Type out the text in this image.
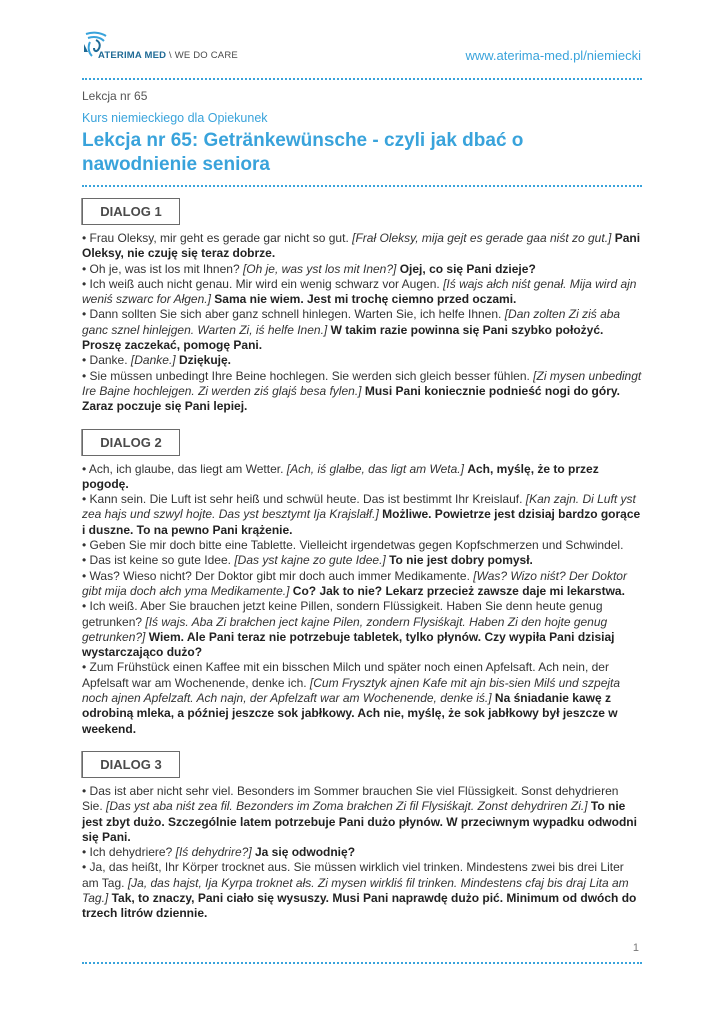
ATERIMA MED \ WE DO CARE	www.aterima-med.pl/niemiecki

Lekcja nr 65

Kurs niemieckiego dla Opiekunek

Lekcja nr 65: Getränkewünsche - czyli jak dbać o nawodnienie seniora
DIALOG 1

• Frau Oleksy, mir geht es gerade gar nicht so gut. [Frał Oleksy, mija gejt es gerade gaa niśt zo gut.] Pani Oleksy, nie czuję się teraz dobrze.

• Oh je, was ist los mit Ihnen? [Oh je, was yst los mit Inen?] Ojej, co się Pani dzieje?

• Ich weiß auch nicht genau. Mir wird ein wenig schwarz vor Augen. [Iś wajs ałch niśt genał. Mija wird ajn weniś szwarc for Ałgen.] Sama nie wiem. Jest mi trochę ciemno przed oczami.

• Dann sollten Sie sich aber ganz schnell hinlegen. Warten Sie, ich helfe Ihnen. [Dan zolten Zi ziś aba ganc sznel hinlejgen. Warten Zi, iś helfe Inen.] W takim razie powinna się Pani szybko położyć. Proszę zaczekać, pomogę Pani.

• Danke. [Danke.] Dziękuję.

• Sie müssen unbedingt Ihre Beine hochlegen. Sie werden sich gleich besser fühlen. [Zi mysen unbedingt Ire Bajne hochlejgen. Zi werden ziś glajś besa fylen.] Musi Pani koniecznie podnieść nogi do góry. Zaraz poczuje się Pani lepiej.

DIALOG 2

• Ach, ich glaube, das liegt am Wetter. [Ach, iś glałbe, das ligt am Weta.] Ach, myślę, że to przez pogodę.

• Kann sein. Die Luft ist sehr heiß und schwül heute. Das ist bestimmt Ihr Kreislauf. [Kan zajn. Di Luft yst zea hajs und szwyl hojte. Das yst besztymt Ija Krajslałf.] Możliwe. Powietrze jest dzisiaj bardzo gorące i duszne. To na pewno Pani krążenie.

• Geben Sie mir doch bitte eine Tablette. Vielleicht irgendetwas gegen Kopfschmerzen und Schwindel.

• Das ist keine so gute Idee. [Das yst kajne zo gute Idee.] To nie jest dobry pomysł.

• Was? Wieso nicht? Der Doktor gibt mir doch auch immer Medikamente. [Was? Wizo niśt? Der Doktor gibt mija doch ałch yma Medikamente.] Co? Jak to nie? Lekarz przecież zawsze daje mi lekarstwa.

• Ich weiß. Aber Sie brauchen jetzt keine Pillen, sondern Flüssigkeit. Haben Sie denn heute genug getrunken? [Iś wajs. Aba Zi brałchen ject kajne Pilen, zondern Flysiśkajt. Haben Zi den hojte genug getrunken?] Wiem. Ale Pani teraz nie potrzebuje tabletek, tylko płynów. Czy wypiła Pani dzisiaj wystarczająco dużo?

• Zum Frühstück einen Kaffee mit ein bisschen Milch und später noch einen Apfelsaft. Ach nein, der Apfelsaft war am Wochenende, denke ich. [Cum Frysztyk ajnen Kafe mit ajn bis-sien Milś und szpejta noch ajnen Apfelzaft. Ach najn, der Apfelzaft war am Wochenende, denke iś.] Na śniadanie kawę z odrobiną mleka, a później jeszcze sok jabłkowy. Ach nie, myślę, że sok jabłkowy był jeszcze w weekend.

DIALOG 3

• Das ist aber nicht sehr viel. Besonders im Sommer brauchen Sie viel Flüssigkeit. Sonst dehydrieren Sie. [Das yst aba niśt zea fil. Bezonders im Zoma brałchen Zi fil Flysiśkajt. Zonst dehydriren Zi.] To nie jest zbyt dużo. Szczególnie latem potrzebuje Pani dużo płynów. W przeciwnym wypadku odwodni się Pani.

• Ich dehydriere? [Iś dehydrire?] Ja się odwodnię?

• Ja, das heißt, Ihr Körper trocknet aus. Sie müssen wirklich viel trinken. Mindestens zwei bis drei Liter am Tag. [Ja, das hajst, Ija Kyrpa troknet ałs. Zi mysen wirkliś fil trinken. Mindestens cfaj bis draj Lita am Tag.] Tak, to znaczy, Pani ciało się wysuszy. Musi Pani naprawdę dużo pić. Minimum od dwóch do trzech litrów dziennie.

1
